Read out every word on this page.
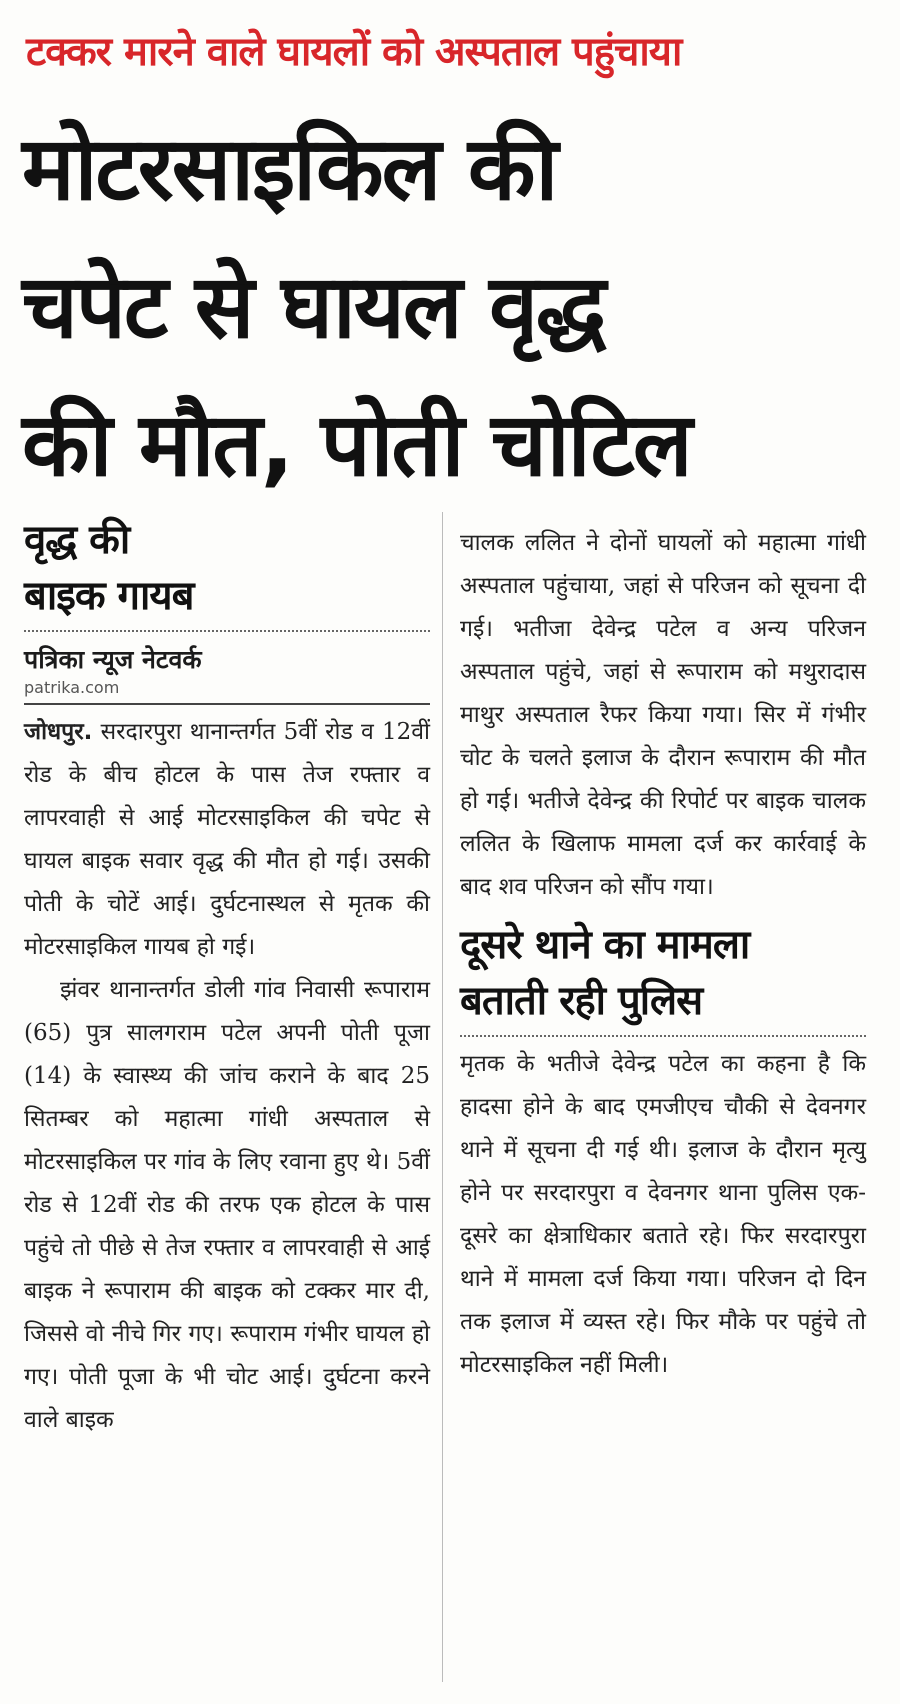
टक्कर मारने वाले घायलों को अस्पताल पहुंचाया
मोटरसाइकिल की
चपेट से घायल वृद्ध
की मौत, पोती चोटिल
वृद्ध की
बाइक गायब
पत्रिका न्यूज नेटवर्क
patrika.com
जोधपुर. सरदारपुरा थानान्तर्गत 5वीं रोड व 12वीं रोड के बीच होटल के पास तेज रफ्तार व लापरवाही से आई मोटरसाइकिल की चपेट से घायल बाइक सवार वृद्ध की मौत हो गई। उसकी पोती के चोटें आई। दुर्घटनास्थल से मृतक की मोटरसाइकिल गायब हो गई।
झंवर थानान्तर्गत डोली गांव निवासी रूपाराम (65) पुत्र सालगराम पटेल अपनी पोती पूजा (14) के स्वास्थ्य की जांच कराने के बाद 25 सितम्बर को महात्मा गांधी अस्पताल से मोटरसाइकिल पर गांव के लिए रवाना हुए थे। 5वीं रोड से 12वीं रोड की तरफ एक होटल के पास पहुंचे तो पीछे से तेज रफ्तार व लापरवाही से आई बाइक ने रूपाराम की बाइक को टक्कर मार दी, जिससे वो नीचे गिर गए। रूपाराम गंभीर घायल हो गए। पोती पूजा के भी चोट आई। दुर्घटना करने वाले बाइक
चालक ललित ने दोनों घायलों को महात्मा गांधी अस्पताल पहुंचाया, जहां से परिजन को सूचना दी गई। भतीजा देवेन्द्र पटेल व अन्य परिजन अस्पताल पहुंचे, जहां से रूपाराम को मथुरादास माथुर अस्पताल रैफर किया गया। सिर में गंभीर चोट के चलते इलाज के दौरान रूपाराम की मौत हो गई। भतीजे देवेन्द्र की रिपोर्ट पर बाइक चालक ललित के खिलाफ मामला दर्ज कर कार्रवाई के बाद शव परिजन को सौंप गया।
दूसरे थाने का मामला
बताती रही पुलिस
मृतक के भतीजे देवेन्द्र पटेल का कहना है कि हादसा होने के बाद एमजीएच चौकी से देवनगर थाने में सूचना दी गई थी। इलाज के दौरान मृत्यु होने पर सरदारपुरा व देवनगर थाना पुलिस एक-दूसरे का क्षेत्राधिकार बताते रहे। फिर सरदारपुरा थाने में मामला दर्ज किया गया। परिजन दो दिन तक इलाज में व्यस्त रहे। फिर मौके पर पहुंचे तो मोटरसाइकिल नहीं मिली।
